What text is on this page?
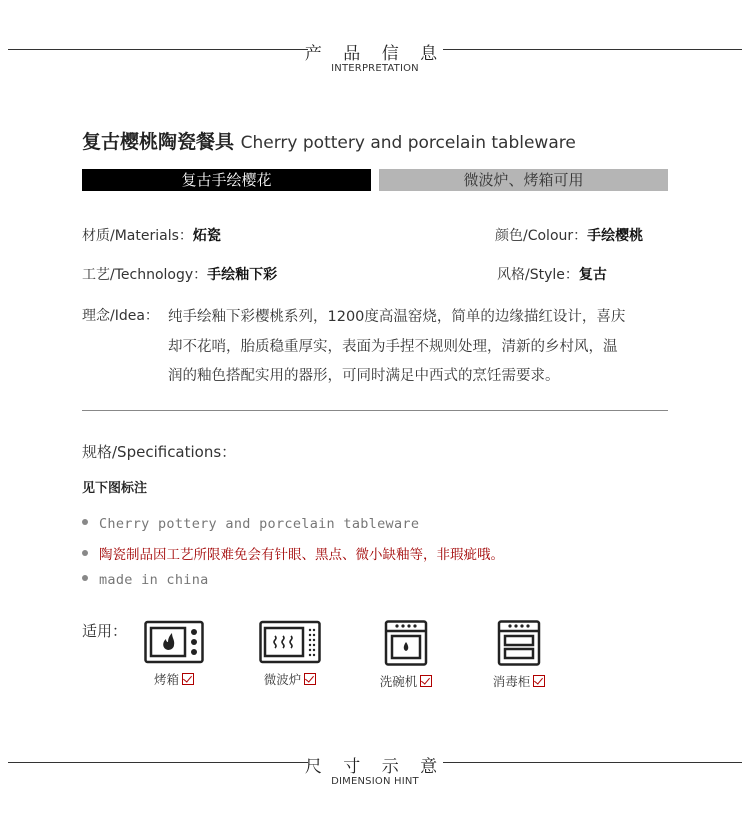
产 品 信 息
INTERPRETATION
复古樱桃陶瓷餐具 Cherry pottery and porcelain tableware
复古手绘樱花	微波炉、烤箱可用
材质/Materials：炻瓷	颜色/Colour：手绘樱桃
工艺/Technology：手绘釉下彩	风格/Style：复古
理念/Idea： 纯手绘釉下彩樱桃系列，1200度高温窑烧，简单的边缘描红设计，喜庆
却不花哨，胎质稳重厚实，表面为手捏不规则处理，清新的乡村风，温
润的釉色搭配实用的器形，可同时满足中西式的烹饪需要求。
规格/Specifications：
见下图标注
Cherry pottery and porcelain tableware
陶瓷制品因工艺所限难免会有针眼、黑点、微小缺釉等，非瑕疵哦。
made in china
适用：
烤箱	微波炉	洗碗机	消毒柜
尺 寸 示 意
DIMENSION HINT
